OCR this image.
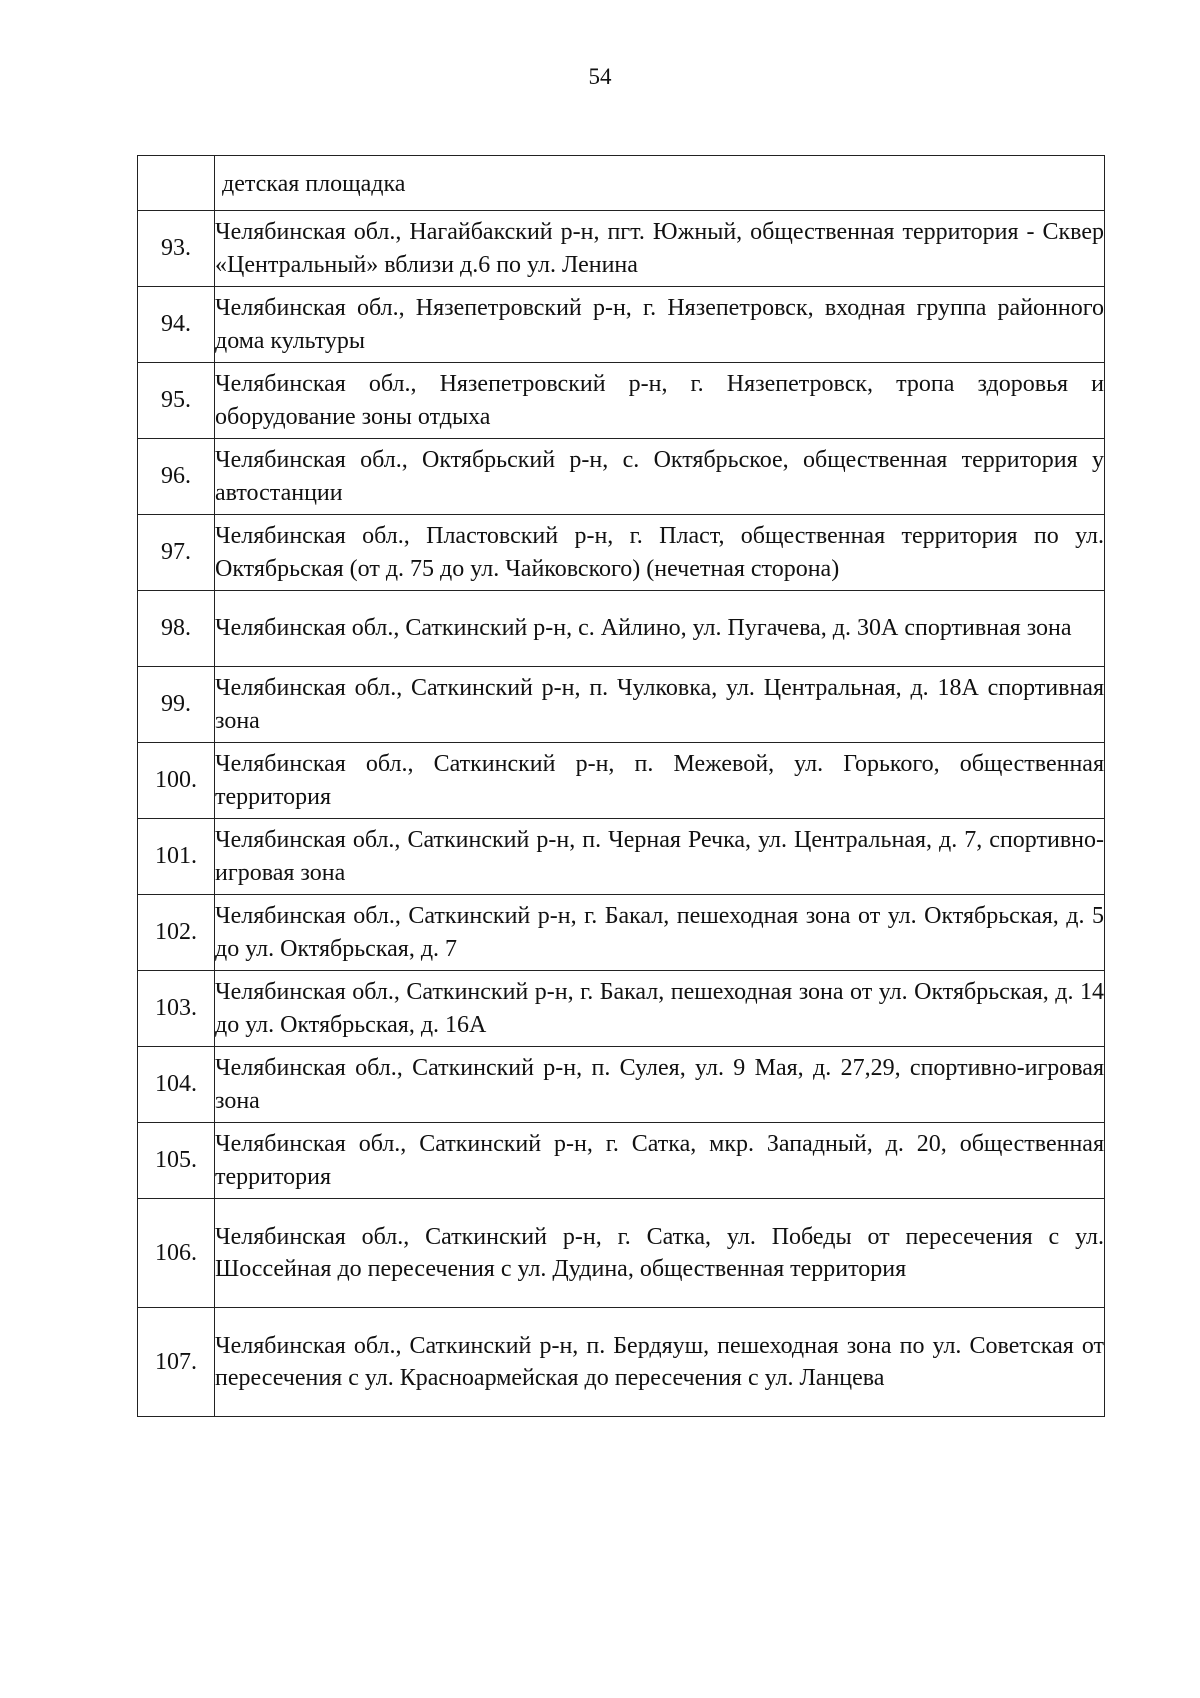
54
	детская площадка
93.	Челябинская обл., Нагайбакский р-н, пгт. Южный, общественная территория - Сквер «Центральный» вблизи д.6 по ул. Ленина
94.	Челябинская обл., Нязепетровский р-н, г. Нязепетровск, входная группа районного дома культуры
95.	Челябинская обл., Нязепетровский р-н, г. Нязепетровск, тропа здоровья и оборудование зоны отдыха
96.	Челябинская обл., Октябрьский р-н, с. Октябрьское, общественная территория у автостанции
97.	Челябинская обл., Пластовский р-н, г. Пласт, общественная территория по ул. Октябрьская (от д. 75 до ул. Чайковского) (нечетная сторона)
98.	Челябинская обл., Саткинский р-н, с. Айлино, ул. Пугачева, д. 30А спортивная зона
99.	Челябинская обл., Саткинский р-н, п. Чулковка, ул. Центральная, д. 18А спортивная зона
100.	Челябинская обл., Саткинский р-н, п. Межевой, ул. Горького, общественная территория
101.	Челябинская обл., Саткинский р-н, п. Черная Речка, ул. Центральная, д. 7, спортивно-игровая зона
102.	Челябинская обл., Саткинский р-н, г. Бакал, пешеходная зона от ул. Октябрьская, д. 5 до ул. Октябрьская, д. 7
103.	Челябинская обл., Саткинский р-н, г. Бакал, пешеходная зона от ул. Октябрьская, д. 14 до ул. Октябрьская, д. 16А
104.	Челябинская обл., Саткинский р-н, п. Сулея, ул. 9 Мая, д. 27,29, спортивно-игровая зона
105.	Челябинская обл., Саткинский р-н, г. Сатка, мкр. Западный, д. 20, общественная территория
106.	Челябинская обл., Саткинский р-н, г. Сатка, ул. Победы от пересечения с ул. Шоссейная до пересечения с ул. Дудина, общественная территория
107.	Челябинская обл., Саткинский р-н, п. Бердяуш, пешеходная зона по ул. Советская от пересечения с ул. Красноармейская до пересечения с ул. Ланцева
